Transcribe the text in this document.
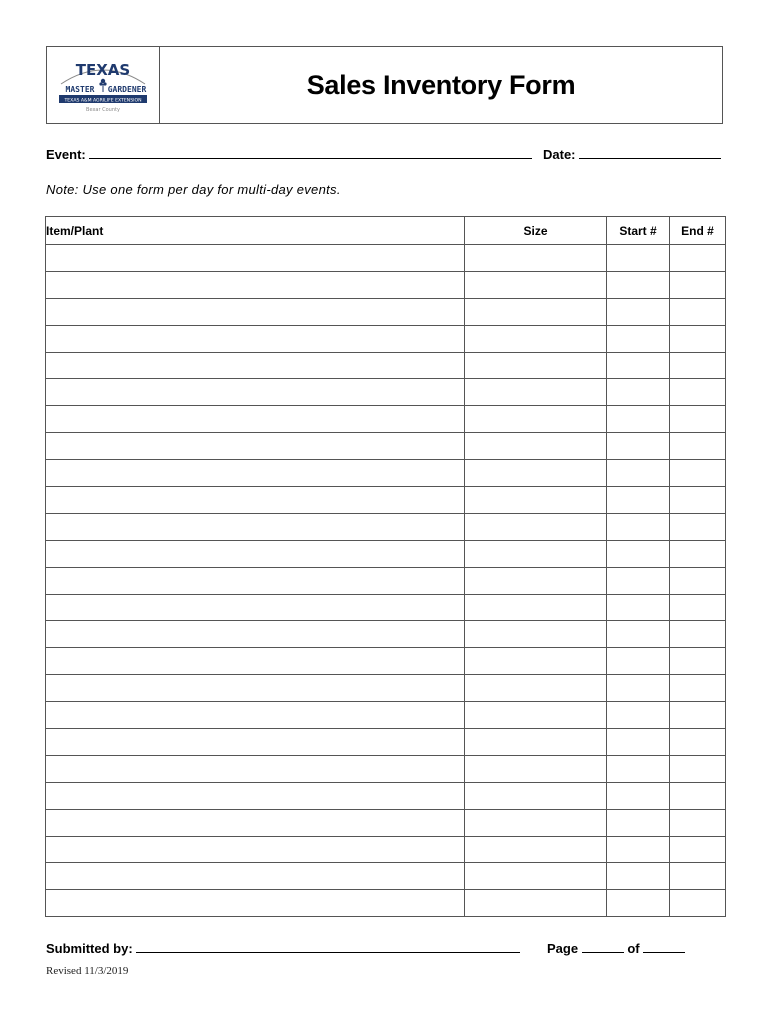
TEXAS
MASTER GARDENER
TEXAS A&M AGRILIFE EXTENSION
Bexar County
Sales Inventory Form
Event:	Date:
Note: Use one form per day for multi-day events.
Item/Plant	Size	Start #	End #

Submitted by:	Page	of
Revised 11/3/2019
